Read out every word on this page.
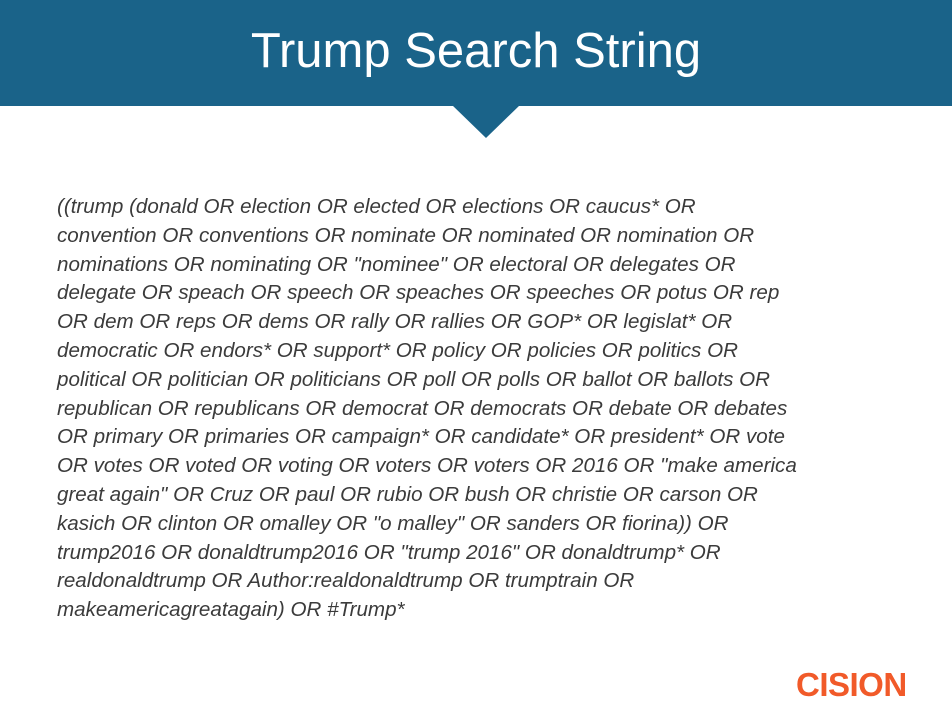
Trump Search String

((trump (donald OR election OR elected OR elections OR caucus* OR
convention OR conventions OR nominate OR nominated OR nomination OR
nominations OR nominating OR "nominee" OR electoral OR delegates OR
delegate OR speach OR speech OR speaches OR speeches OR potus OR rep
OR dem OR reps OR dems OR rally OR rallies OR GOP* OR legislat* OR
democratic OR endors* OR support* OR policy OR policies OR politics OR
political OR politician OR politicians OR poll OR polls OR ballot OR ballots OR
republican OR republicans OR democrat OR democrats OR debate OR debates
OR primary OR primaries OR campaign* OR candidate* OR president* OR vote
OR votes OR voted OR voting OR voters OR voters OR 2016 OR "make america
great again" OR Cruz OR paul OR rubio OR bush OR christie OR carson OR
kasich OR clinton OR omalley OR "o malley" OR sanders OR fiorina)) OR
trump2016 OR donaldtrump2016 OR "trump 2016" OR donaldtrump* OR
realdonaldtrump OR Author:realdonaldtrump OR trumptrain OR
makeamericagreatagain) OR #Trump*

CISION
